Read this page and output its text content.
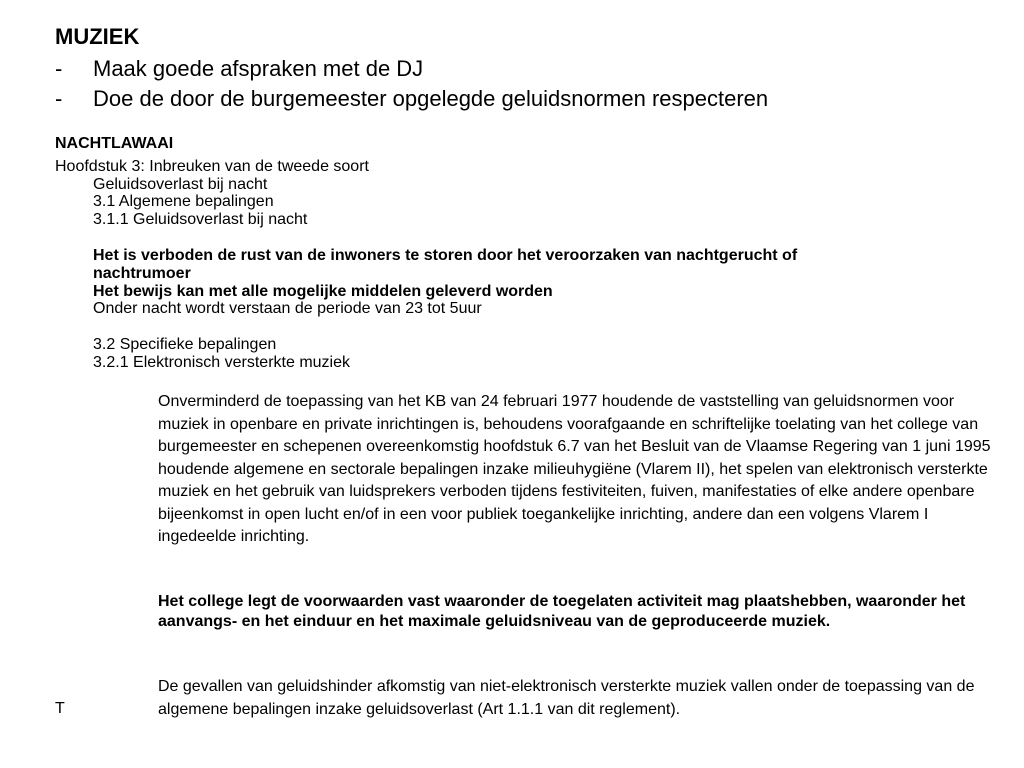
MUZIEK
- Maak goede afspraken met de DJ
- Doe de door de burgemeester opgelegde geluidsnormen respecteren
NACHTLAWAAI
Hoofdstuk 3: Inbreuken van de tweede soort
Geluidsoverlast bij nacht
3.1 Algemene bepalingen
3.1.1 Geluidsoverlast bij nacht
Het is verboden de rust van de inwoners te storen door het veroorzaken van nachtgerucht of
nachtrumoer
Het bewijs kan met alle mogelijke middelen geleverd worden
Onder nacht wordt verstaan de periode van 23 tot 5uur
3.2 Specifieke bepalingen
3.2.1 Elektronisch versterkte muziek
Onverminderd de toepassing van het KB van 24 februari 1977 houdende de vaststelling van geluidsnormen voor muziek in openbare en private inrichtingen is, behoudens voorafgaande en schriftelijke toelating van het college van burgemeester en schepenen overeenkomstig hoofdstuk 6.7 van het Besluit van de Vlaamse Regering van 1 juni 1995 houdende algemene en sectorale bepalingen inzake milieuhygiëne (Vlarem II), het spelen van elektronisch versterkte muziek en het gebruik van luidsprekers verboden tijdens festiviteiten, fuiven, manifestaties of elke andere openbare bijeenkomst in open lucht en/of in een voor publiek toegankelijke inrichting, andere dan een volgens Vlarem I ingedeelde inrichting.
Het college legt de voorwaarden vast waaronder de toegelaten activiteit mag plaatshebben, waaronder het aanvangs- en het einduur en het maximale geluidsniveau van de geproduceerde muziek.
De gevallen van geluidshinder afkomstig van niet-elektronisch versterkte muziek vallen onder de toepassing van de algemene bepalingen inzake geluidsoverlast (Art 1.1.1 van dit reglement).
T
